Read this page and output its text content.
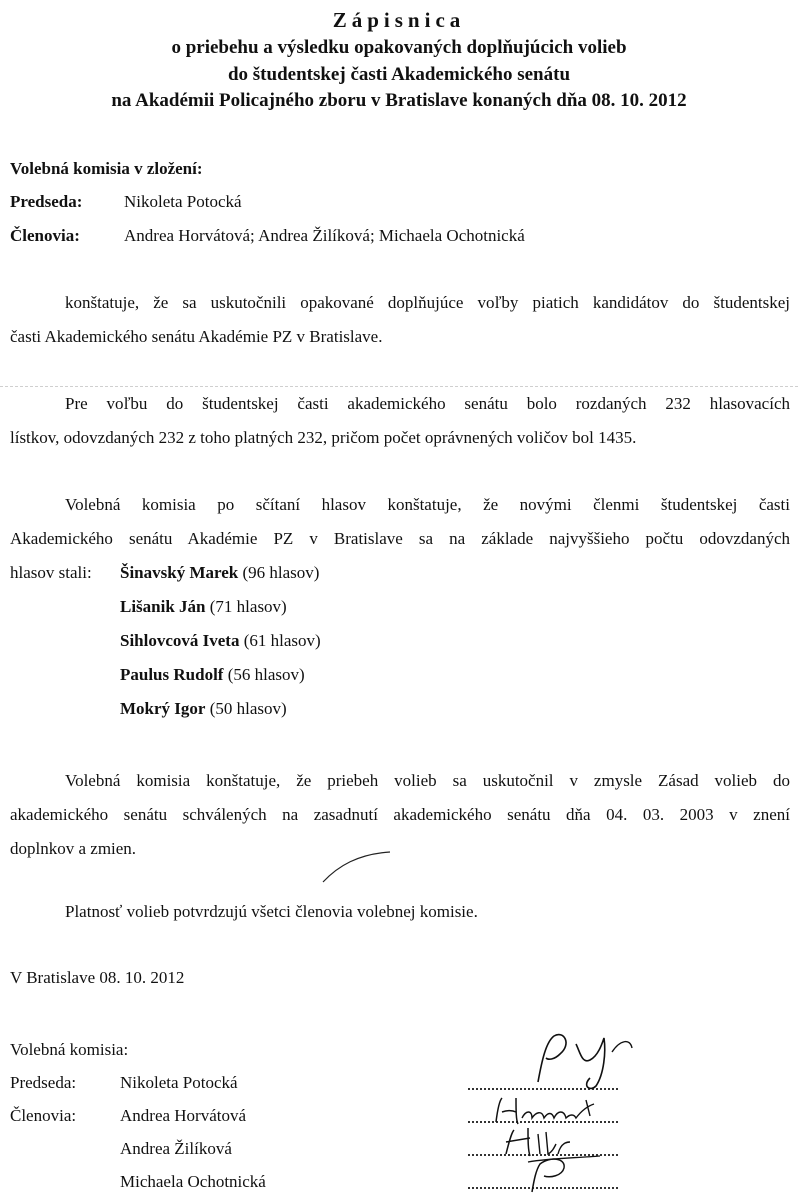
Zápisnica
o priebehu a výsledku opakovaných doplňujúcich volieb
do študentskej časti Akademického senátu
na Akadémii Policajného zboru v Bratislave konaných dňa 08. 10. 2012
Volebná komisia v zložení:
Predseda: Nikoleta Potocká
Členovia:	Andrea Horvátová; Andrea Žilíková; Michaela Ochotnická
konštatuje, že sa uskutočnili opakované doplňujúce voľby piatich kandidátov do študentskej
časti Akademického senátu Akadémie PZ v Bratislave.
Pre voľbu do študentskej časti akademického senátu bolo rozdaných 232 hlasovacích
lístkov, odovzdaných 232 z toho platných 232, pričom počet oprávnených voličov bol 1435.
Volebná komisia po sčítaní hlasov konštatuje, že novými členmi študentskej časti
Akademického senátu Akadémie PZ v Bratislave sa na základe najvyššieho počtu odovzdaných
hlasov stali: Šinavský Marek (96 hlasov)
Lišanik Ján (71 hlasov)
Sihlovcová Iveta (61 hlasov)
Paulus Rudolf (56 hlasov)
Mokrý Igor (50 hlasov)
Volebná komisia konštatuje, že priebeh volieb sa uskutočnil v zmysle Zásad volieb do
akademického senátu schválených na zasadnutí akademického senátu dňa 04. 03. 2003 v znení
doplnkov a zmien.
Platnosť volieb potvrdzujú všetci členovia volebnej komisie.
V Bratislave 08. 10. 2012
Volebná komisia:
Predseda:	Nikoleta Potocká
Členovia:	Andrea Horvátová
Andrea Žilíková
Michaela Ochotnická
